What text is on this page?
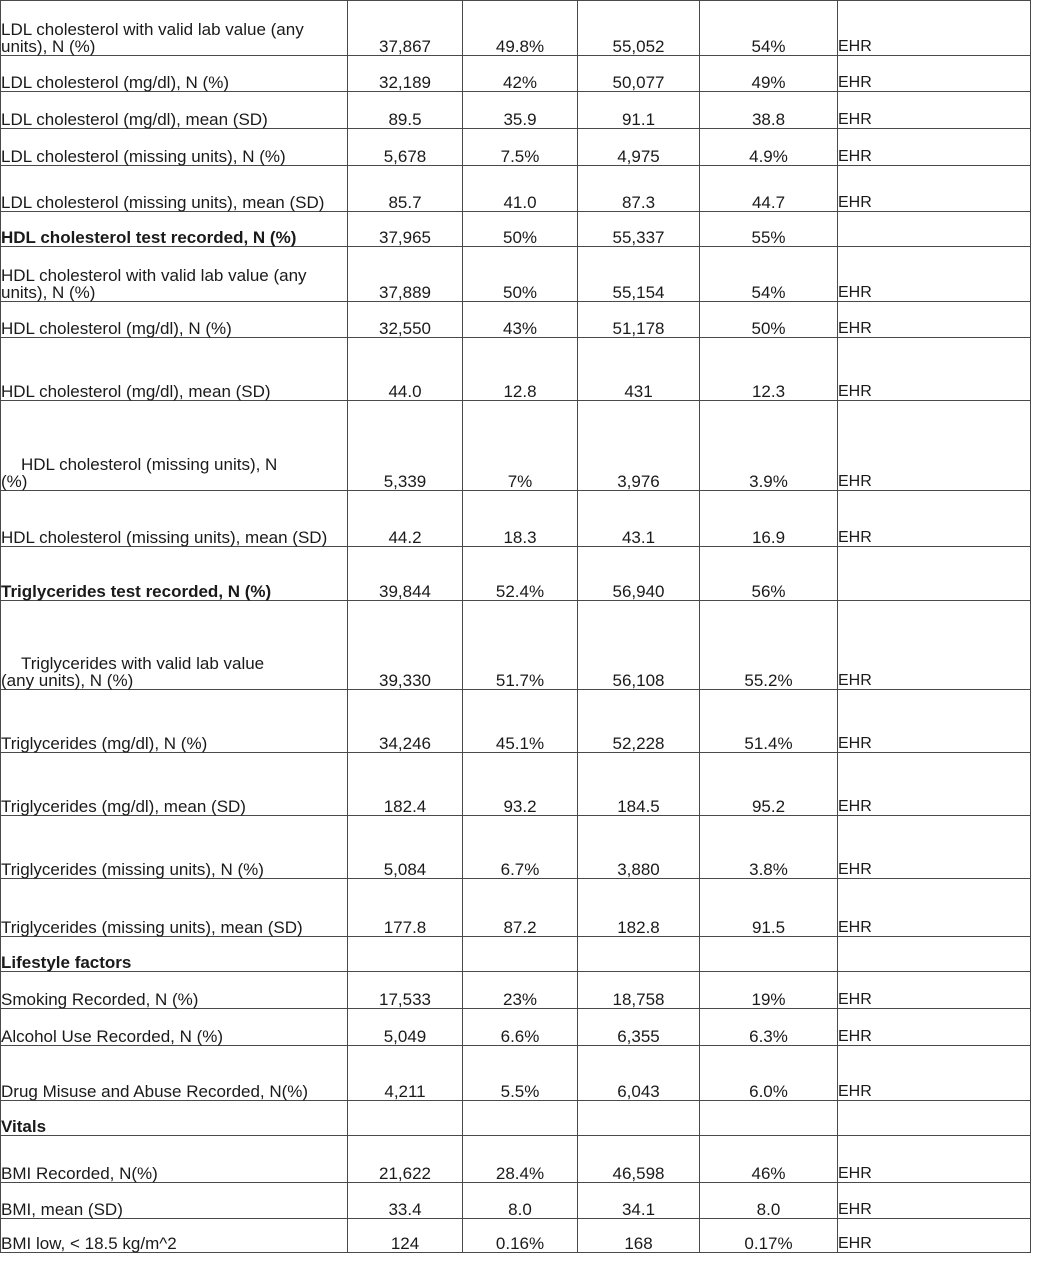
LDL cholesterol with valid lab value (any units), N (%)	37,867	49.8%	55,052	54%	EHR
LDL cholesterol (mg/dl), N (%)	32,189	42%	50,077	49%	EHR
LDL cholesterol (mg/dl), mean (SD)	89.5	35.9	91.1	38.8	EHR
LDL cholesterol (missing units), N (%)	5,678	7.5%	4,975	4.9%	EHR
LDL cholesterol (missing units), mean (SD)	85.7	41.0	87.3	44.7	EHR
HDL cholesterol test recorded, N (%)	37,965	50%	55,337	55%	
HDL cholesterol with valid lab value (any units), N (%)	37,889	50%	55,154	54%	EHR
HDL cholesterol (mg/dl), N (%)	32,550	43%	51,178	50%	EHR
HDL cholesterol (mg/dl), mean (SD)	44.0	12.8	431	12.3	EHR

HDL cholesterol (missing units), N
(%)	5,339	7%	3,976	3.9%	EHR
HDL cholesterol (missing units), mean (SD)	44.2	18.3	43.1	16.9	EHR
Triglycerides test recorded, N (%)	39,844	52.4%	56,940	56%	

Triglycerides with valid lab value
(any units), N (%)	39,330	51.7%	56,108	55.2%	EHR
Triglycerides (mg/dl), N (%)	34,246	45.1%	52,228	51.4%	EHR
Triglycerides (mg/dl), mean (SD)	182.4	93.2	184.5	95.2	EHR
Triglycerides (missing units), N (%)	5,084	6.7%	3,880	3.8%	EHR
Triglycerides (missing units), mean (SD)	177.8	87.2	182.8	91.5	EHR
Lifestyle factors					
Smoking Recorded, N (%)	17,533	23%	18,758	19%	EHR
Alcohol Use Recorded, N (%)	5,049	6.6%	6,355	6.3%	EHR
Drug Misuse and Abuse Recorded, N(%)	4,211	5.5%	6,043	6.0%	EHR
Vitals					
BMI Recorded, N(%)	21,622	28.4%	46,598	46%	EHR
BMI, mean (SD)	33.4	8.0	34.1	8.0	EHR
BMI low, < 18.5 kg/m^2	124	0.16%	168	0.17%	EHR
